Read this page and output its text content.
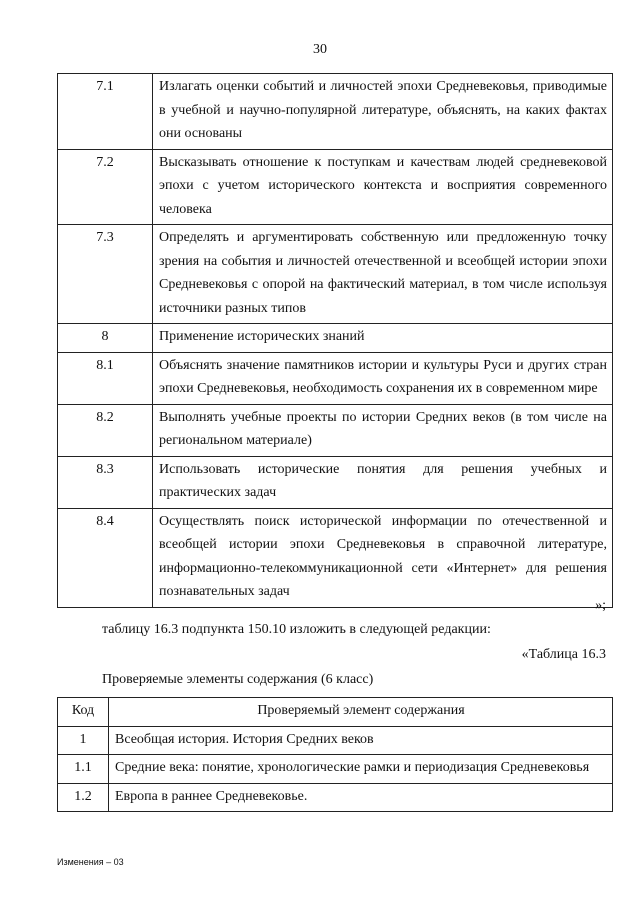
30
7.1	Излагать оценки событий и личностей эпохи Средневековья, приводимые в учебной и научно-популярной литературе, объяснять, на каких фактах они основаны
7.2	Высказывать отношение к поступкам и качествам людей средневековой эпохи с учетом исторического контекста и восприятия современного человека
7.3	Определять и аргументировать собственную или предложенную точку зрения на события и личностей отечественной и всеобщей истории эпохи Средневековья с опорой на фактический материал, в том числе используя источники разных типов
8	Применение исторических знаний
8.1	Объяснять значение памятников истории и культуры Руси и других стран эпохи Средневековья, необходимость сохранения их в современном мире
8.2	Выполнять учебные проекты по истории Средних веков (в том числе на региональном материале)
8.3	Использовать исторические понятия для решения учебных и практических задач
8.4	Осуществлять поиск исторической информации по отечественной и всеобщей истории эпохи Средневековья в справочной литературе, информационно-телекоммуникационной сети «Интернет» для решения познавательных задач
»;
таблицу 16.3 подпункта 150.10 изложить в следующей редакции:
«Таблица 16.3
Проверяемые элементы содержания (6 класс)
Код	Проверяемый элемент содержания
1	Всеобщая история. История Средних веков
1.1	Средние века: понятие, хронологические рамки и периодизация Средневековья
1.2	Европа в раннее Средневековье.
Изменения – 03
